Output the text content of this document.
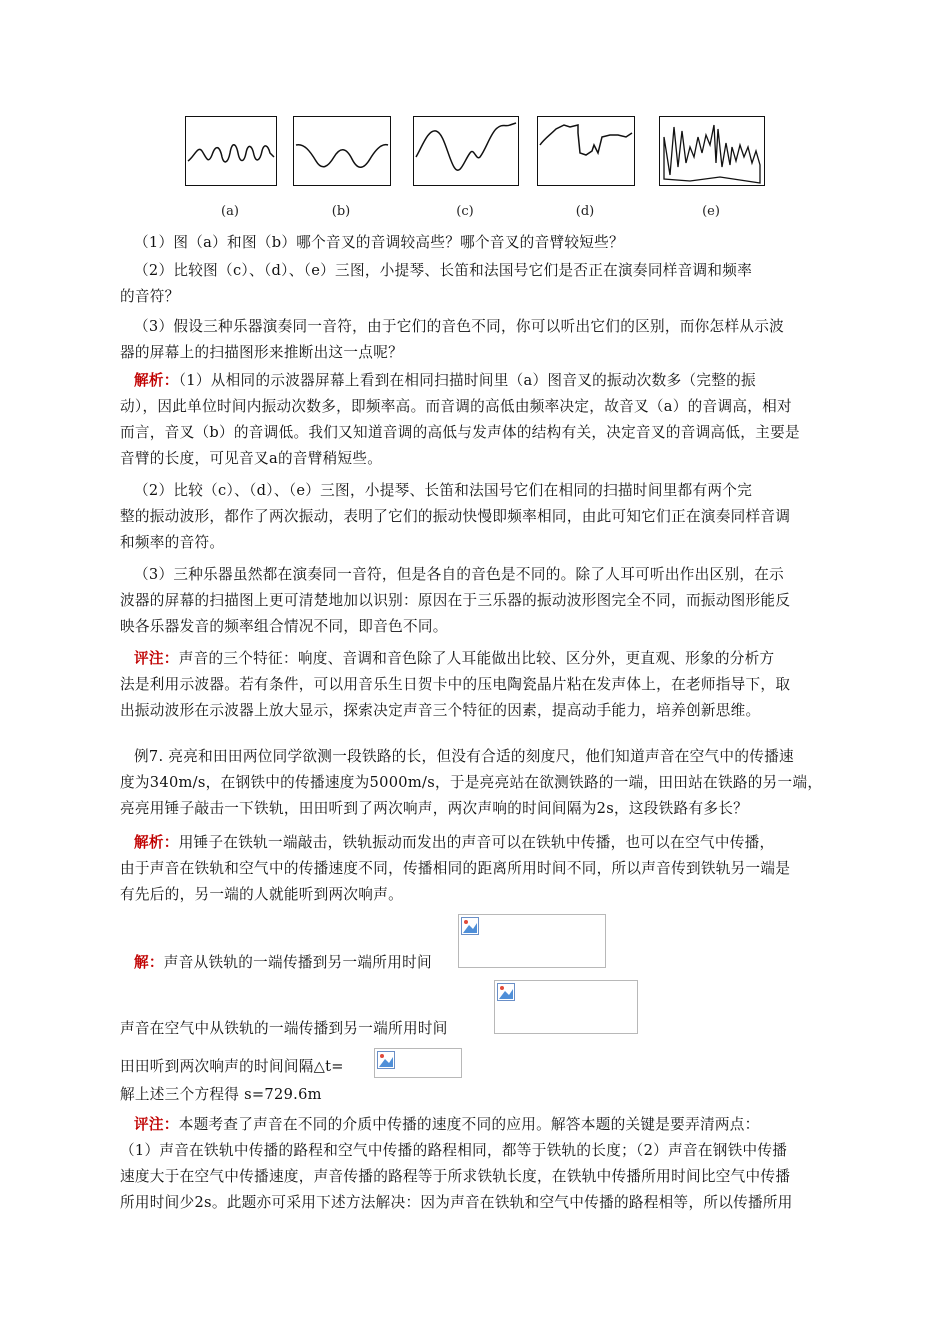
(a)	(b)	(c)	(d)	(e)
（1）图（a）和图（b）哪个音叉的音调较高些？哪个音叉的音臂较短些？
（2）比较图（c）、（d）、（e）三图，小提琴、长笛和法国号它们是否正在演奏同样音调和频率
的音符？
（3）假设三种乐器演奏同一音符，由于它们的音色不同，你可以听出它们的区别，而你怎样从示波
器的屏幕上的扫描图形来推断出这一点呢？
解析：（1）从相同的示波器屏幕上看到在相同扫描时间里（a）图音叉的振动次数多（完整的振
动），因此单位时间内振动次数多，即频率高。而音调的高低由频率决定，故音叉（a）的音调高，相对
而言，音叉（b）的音调低。我们又知道音调的高低与发声体的结构有关，决定音叉的音调高低，主要是
音臂的长度，可见音叉a的音臂稍短些。
（2）比较（c）、（d）、（e）三图，小提琴、长笛和法国号它们在相同的扫描时间里都有两个完
整的振动波形，都作了两次振动，表明了它们的振动快慢即频率相同，由此可知它们正在演奏同样音调
和频率的音符。
（3）三种乐器虽然都在演奏同一音符，但是各自的音色是不同的。除了人耳可听出作出区别，在示
波器的屏幕的扫描图上更可清楚地加以识别：原因在于三乐器的振动波形图完全不同，而振动图形能反
映各乐器发音的频率组合情况不同，即音色不同。
评注：声音的三个特征：响度、音调和音色除了人耳能做出比较、区分外，更直观、形象的分析方
法是利用示波器。若有条件，可以用音乐生日贺卡中的压电陶瓷晶片粘在发声体上，在老师指导下，取
出振动波形在示波器上放大显示，探索决定声音三个特征的因素，提高动手能力，培养创新思维。
例7. 亮亮和田田两位同学欲测一段铁路的长，但没有合适的刻度尺，他们知道声音在空气中的传播速
度为340m/s，在钢铁中的传播速度为5000m/s，于是亮亮站在欲测铁路的一端，田田站在铁路的另一端，
亮亮用锤子敲击一下铁轨，田田听到了两次响声，两次声响的时间间隔为2s，这段铁路有多长？
解析：用锤子在铁轨一端敲击，铁轨振动而发出的声音可以在铁轨中传播，也可以在空气中传播，
由于声音在铁轨和空气中的传播速度不同，传播相同的距离所用时间不同，所以声音传到铁轨另一端是
有先后的，另一端的人就能听到两次响声。
解：声音从铁轨的一端传播到另一端所用时间
声音在空气中从铁轨的一端传播到另一端所用时间
田田听到两次响声的时间间隔△t=
解上述三个方程得 s=729.6m
评注：本题考查了声音在不同的介质中传播的速度不同的应用。解答本题的关键是要弄清两点：
（1）声音在铁轨中传播的路程和空气中传播的路程相同，都等于铁轨的长度；（2）声音在钢铁中传播
速度大于在空气中传播速度，声音传播的路程等于所求铁轨长度，在铁轨中传播所用时间比空气中传播
所用时间少2s。此题亦可采用下述方法解决：因为声音在铁轨和空气中传播的路程相等，所以传播所用
